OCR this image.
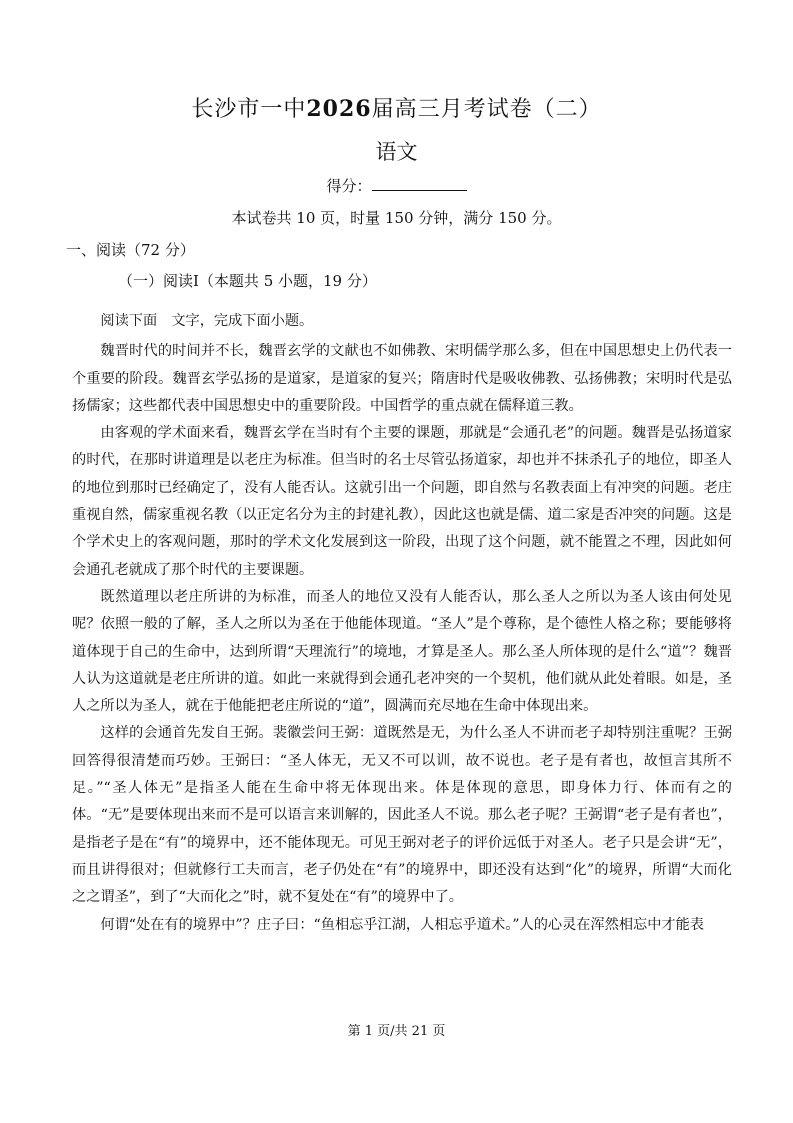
长沙市一中2026届高三月考试卷（二）
语文
得分：
本试卷共 10 页，时量 150 分钟，满分 150 分。
一、阅读（72 分）
（一）阅读Ⅰ（本题共 5 小题，19 分）

阅读下面　文字，完成下面小题。

魏晋时代的时间并不长，魏晋玄学的文献也不如佛教、宋明儒学那么多，但在中国思想史上仍代表一个重要的阶段。魏晋玄学弘扬的是道家，是道家的复兴；隋唐时代是吸收佛教、弘扬佛教；宋明时代是弘扬儒家；这些都代表中国思想史中的重要阶段。中国哲学的重点就在儒释道三教。

由客观的学术面来看，魏晋玄学在当时有个主要的课题，那就是“会通孔老”的问题。魏晋是弘扬道家的时代，在那时讲道理是以老庄为标准。但当时的名士尽管弘扬道家，却也并不抹杀孔子的地位，即圣人的地位到那时已经确定了，没有人能否认。这就引出一个问题，即自然与名教表面上有冲突的问题。老庄重视自然，儒家重视名教（以正定名分为主的封建礼教），因此这也就是儒、道二家是否冲突的问题。这是个学术史上的客观问题，那时的学术文化发展到这一阶段，出现了这个问题，就不能置之不理，因此如何会通孔老就成了那个时代的主要课题。

既然道理以老庄所讲的为标准，而圣人的地位又没有人能否认，那么圣人之所以为圣人该由何处见呢？依照一般的了解，圣人之所以为圣在于他能体现道。“圣人”是个尊称，是个德性人格之称；要能够将道体现于自己的生命中，达到所谓“天理流行”的境地，才算是圣人。那么圣人所体现的是什么“道”？魏晋人认为这道就是老庄所讲的道。如此一来就得到会通孔老冲突的一个契机，他们就从此处着眼。如是，圣人之所以为圣人，就在于他能把老庄所说的“道”，圆满而充尽地在生命中体现出来。

这样的会通首先发自王弼。裴徽尝问王弼：道既然是无，为什么圣人不讲而老子却特别注重呢？王弼回答得很清楚而巧妙。王弼曰：“圣人体无，无又不可以训，故不说也。老子是有者也，故恒言其所不足。”“圣人体无”是指圣人能在生命中将无体现出来。体是体现的意思，即身体力行、体而有之的体。“无”是要体现出来而不是可以语言来训解的，因此圣人不说。那么老子呢？王弼谓“老子是有者也”，是指老子是在“有”的境界中，还不能体现无。可见王弼对老子的评价远低于对圣人。老子只是会讲“无”，而且讲得很对；但就修行工夫而言，老子仍处在“有”的境界中，即还没有达到“化”的境界，所谓“大而化之之谓圣”，到了“大而化之”时，就不复处在“有”的境界中了。

何谓“处在有的境界中”？庄子曰：“鱼相忘乎江湖，人相忘乎道术。”人的心灵在浑然相忘中才能表

第 1 页/共 21 页
